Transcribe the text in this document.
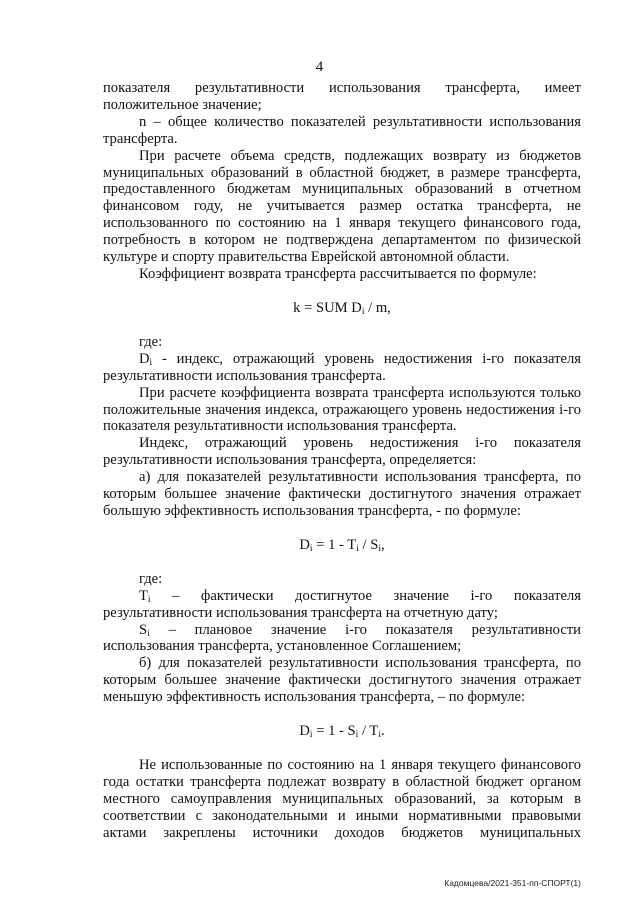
4

показателя результативности использования трансферта, имеет положительное значение;

n – общее количество показателей результативности использования трансферта.

При расчете объема средств, подлежащих возврату из бюджетов муниципальных образований в областной бюджет, в размере трансферта, предоставленного бюджетам муниципальных образований в отчетном финансовом году, не учитывается размер остатка трансферта, не использованного по состоянию на 1 января текущего финансового года, потребность в котором не подтверждена департаментом по физической культуре и спорту правительства Еврейской автономной области.

Коэффициент возврата трансферта рассчитывается по формуле:

k = SUM $D_i$ / m,

где:

$D_i$ - индекс, отражающий уровень недостижения i-го показателя результативности использования трансферта.

При расчете коэффициента возврата трансферта используются только положительные значения индекса, отражающего уровень недостижения i-го показателя результативности использования трансферта.

Индекс, отражающий уровень недостижения i-го показателя результативности использования трансферта, определяется:

а) для показателей результативности использования трансферта, по которым большее значение фактически достигнутого значения отражает большую эффективность использования трансферта, - по формуле:

$D_i = 1 - T_i / S_i$,

где:

$T_i$ – фактически достигнутое значение i-го показателя результативности использования трансферта на отчетную дату;

$S_i$ – плановое значение i-го показателя результативности использования трансферта, установленное Соглашением;

б) для показателей результативности использования трансферта, по которым большее значение фактически достигнутого значения отражает меньшую эффективность использования трансферта, – по формуле:

$D_i = 1 - S_i / T_i$.

Не использованные по состоянию на 1 января текущего финансового года остатки трансферта подлежат возврату в областной бюджет органом местного самоуправления муниципальных образований, за которым в соответствии с законодательными и иными нормативными правовыми актами закреплены источники доходов бюджетов муниципальных

Кадомцева/2021-351-пп-СПОРТ(1)
